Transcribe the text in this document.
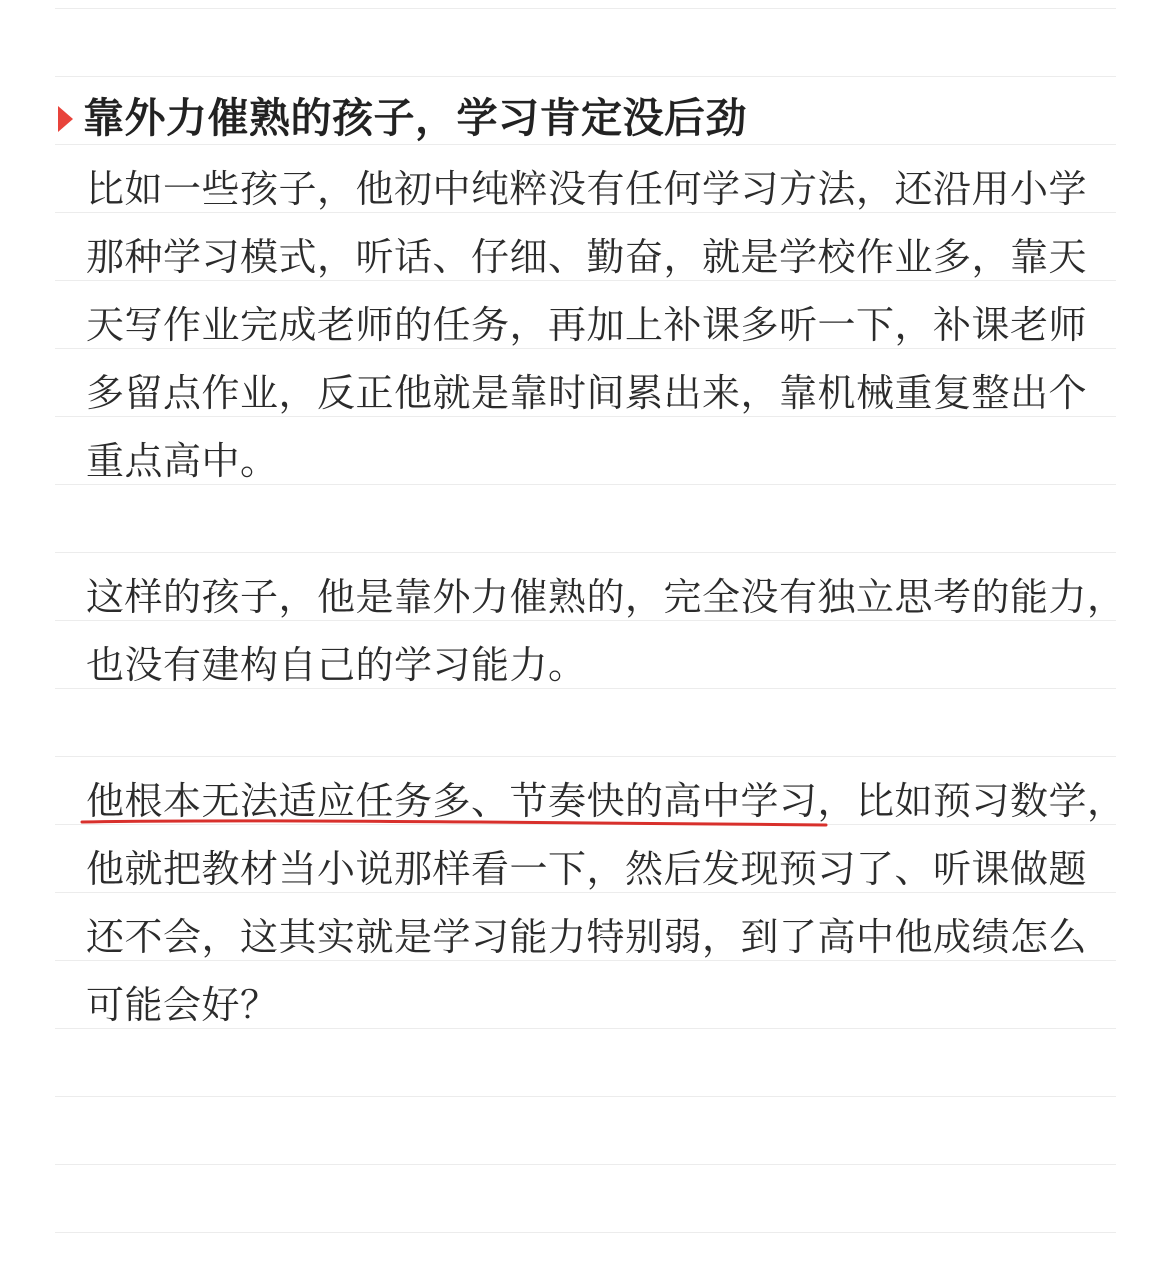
靠外力催熟的孩子，学习肯定没后劲
比如一些孩子，他初中纯粹没有任何学习方法，还沿用小学
那种学习模式，听话、仔细、勤奋，就是学校作业多，靠天
天写作业完成老师的任务，再加上补课多听一下，补课老师
多留点作业，反正他就是靠时间累出来，靠机械重复整出个
重点高中。
这样的孩子，他是靠外力催熟的，完全没有独立思考的能力，
也没有建构自己的学习能力。
他根本无法适应任务多、节奏快的高中学习，比如预习数学，
他就把教材当小说那样看一下，然后发现预习了、听课做题
还不会，这其实就是学习能力特别弱，到了高中他成绩怎么
可能会好？
